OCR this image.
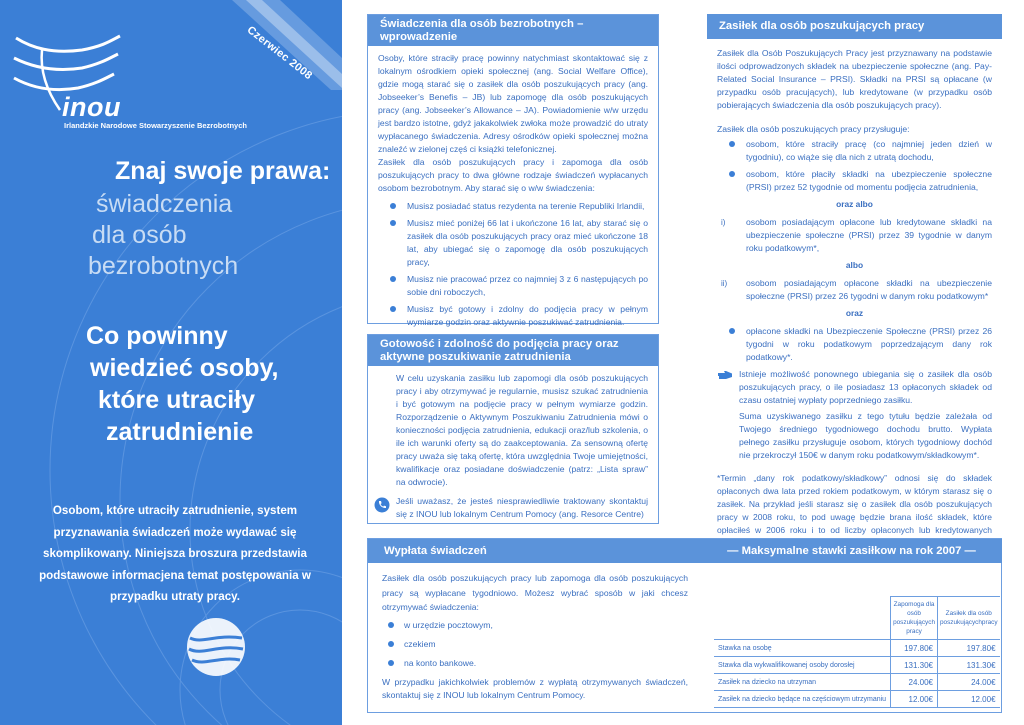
Czerwiec 2008
inou
Irlandzkie Narodowe Stowarzyszenie Bezrobotnych
Znaj swoje prawa:
świadczenia
dla osób
bezrobotnych
Co powinny
wiedzieć osoby,
które utraciły
zatrudnienie
Osobom, które utraciły zatrudnienie, system przyznawania świadczeń może wydawać się skomplikowany. Niniejsza broszura przedstawia podstawowe informacjena temat postępowania w przypadku utraty pracy.
Świadczenia dla osób bezrobotnych – wprowadzenie

Osoby, które straciły pracę powinny natychmiast skontaktować się z lokalnym ośrodkiem opieki społecznej (ang. Social Welfare Office), gdzie mogą starać się o zasiłek dla osób poszukujących pracy (ang. Jobseeker’s Benefis – JB) lub zapomogę dla osób poszukujących pracy (ang. Jobseeker’s Allowance – JA). Powiadomienie w/w urzędu jest bardzo istotne, gdyż jakakolwiek zwłoka może prowadzić do utraty wypłacanego świadczenia. Adresy ośrodków opieki społecznej można znaleźć w zielonej częś ci książki telefonicznej.

Zasiłek dla osób poszukujących pracy i zapomoga dla osób poszukujących pracy to dwa główne rodzaje świadczeń wypłacanych osobom bezrobotnym. Aby starać się o w/w świadczenia:

Musisz posiadać status rezydenta na terenie Republiki Irlandii,
Musisz mieć poniżej 66 lat i ukończone 16 lat, aby starać się o zasiłek dla osób poszukujących pracy oraz mieć ukończone 18 lat, aby ubiegać się o zapomogę dla osób poszukujących pracy,
Musisz nie pracować przez co najmniej 3 z 6 następujących po sobie dni roboczych,
Musisz być gotowy i zdolny do podjęcia pracy w pełnym wymiarze godzin oraz aktywnie poszukiwać zatrudnienia.
Gotowość i zdolność do podjęcia pracy oraz aktywne poszukiwanie zatrudnienia

W celu uzyskania zasiłku lub zapomogi dla osób poszukujących pracy i aby otrzymywać je regularnie, musisz szukać zatrudnienia i być gotowym na podjęcie pracy w pełnym wymiarze godzin. Rozporządzenie o Aktywnym Poszukiwaniu Zatrudnienia mówi o konieczności podjęcia zatrudnienia, edukacji oraz/lub szkolenia, o ile ich warunki oferty są do zaakceptowania. Za sensowną ofertę pracy uważa się taką ofertę, która uwzględnia Twoje umiejętności, kwalifikacje oraz posiadane doświadczenie (patrz: „Lista spraw” na odwrocie).

Jeśli uważasz, że jesteś niesprawiedliwie traktowany skontaktuj się z INOU lub lokalnym Centrum Pomocy (ang. Resorce Centre)
Zasiłek dla osób poszukujących pracy

Zasiłek dla Osób Poszukujących Pracy jest przyznawany na podstawie ilości odprowadzonych składek na ubezpieczenie społeczne (ang. Pay-Related Social Insurance – PRSI). Składki na PRSI są opłacane (w przypadku osób pracujących), lub kredytowane (w przypadku osób pobierających świadczenia dla osób poszukujących pracy).

Zasiłek dla osób poszukujących pracy przysługuje:

osobom, które straciły pracę (co najmniej jeden dzień w tygodniu), co wiąże się dla nich z utratą dochodu,
osobom, które płaciły składki na ubezpieczenie społeczne (PRSI) przez 52 tygodnie od momentu podjęcia zatrudnienia,
oraz albo
i) osobom posiadającym opłacone lub kredytowane składki na ubezpieczenie społeczne (PRSI) przez 39 tygodnie w danym roku podatkowym*,
albo
ii) osobom posiadającym opłacone składki na ubezpieczenie społeczne (PRSI) przez 26 tygodni w danym roku podatkowym*
oraz
opłacone składki na Ubezpieczenie Społeczne (PRSI) przez 26 tygodni w roku podatkowym poprzedzającym dany rok podatkowy*.
Istnieje możliwość ponownego ubiegania się o zasiłek dla osób poszukujących pracy, o ile posiadasz 13 opłaconych składek od czasu ostatniej wypłaty poprzedniego zasiłku.

Suma uzyskiwanego zasiłku z tego tytułu będzie zależała od Twojego średniego tygodniowego dochodu brutto. Wypłata pełnego zasiłku przysługuje osobom, których tygodniowy dochód nie przekroczył 150€ w danym roku podatkowym/składkowym*.

*Termin „dany rok podatkowy/składkowy” odnosi się do składek opłaconych dwa lata przed rokiem podatkowym, w którym starasz się o zasiłek. Na przykład jeśli starasz się o zasiłek dla osób poszukujących pracy w 2008 roku, to pod uwagę będzie brana ilość składek, które opłaciłeś w 2006 roku i to od liczby opłaconych lub kredytowanych

Wypłata świadczeń	— Maksymalne stawki zasiłkow na rok 2007 —

Zasiłek dla osób poszukujących pracy lub zapomoga dla osób poszukujących pracy są wypłacane tygodniowo. Możesz wybrać sposób w jaki chcesz otrzymywać świadczenia:

w urzędzie pocztowym,
czekiem
na konto bankowe.

W przypadku jakichkolwiek problemów z wypłatą otrzymywanych świadczeń, skontaktuj się z INOU lub lokalnym Centrum Pomocy.

	Zapomoga dla osób poszukujących pracy	Zasiłek dla osób poszukującychpracy
Stawka na osobę	197.80€	197.80€
Stawka dla wykwalifikowanej osoby dorosłej	131.30€	131.30€
Zasiłek na dziecko na utrzyman	24.00€	24.00€
Zasiłek na dziecko będące na częściowym utrzymaniu	12.00€	12.00€
